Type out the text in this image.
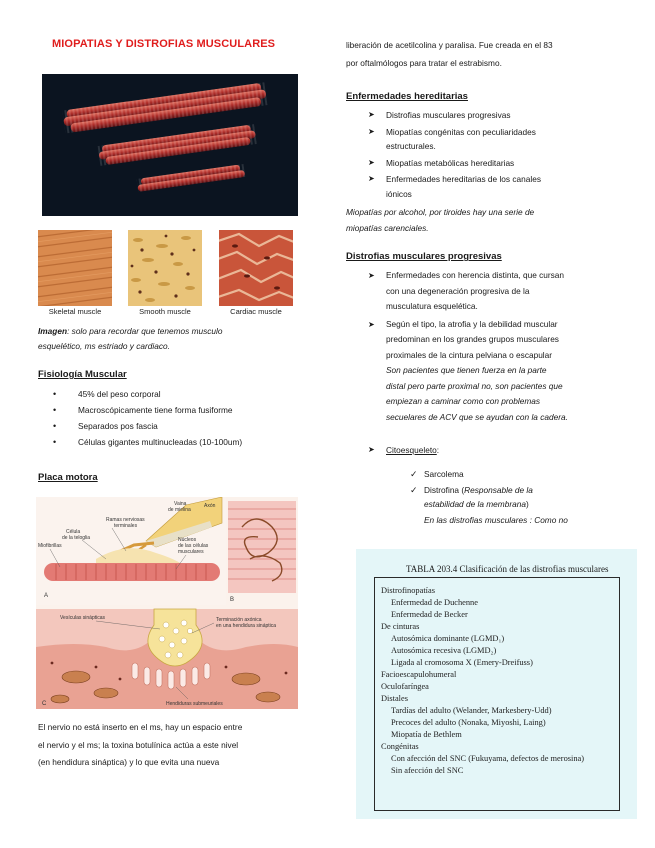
MIOPATIAS Y DISTROFIAS MUSCULARES
Skeletal muscle	Smooth muscle	Cardiac muscle
Imagen: solo para recordar que tenemos musculo
esquelético, ms estriado y cardiaco.
Fisiología Muscular
• 45% del peso corporal
• Macroscópicamente tiene forma fusiforme
• Separados pos fascia
• Células gigantes multinucleadas (10-100um)
Placa motora
Vaina
de mielina
Axón
Ramas nerviosas
terminales
Célula
de la teloglia
Miofibrillas
Núcleos
de las células
musculares
A
B
Vesículas sinápticas	Terminación axónica
en una hendidura sináptica
Hendiduras submeuriales
C
El nervio no está inserto en el ms, hay un espacio entre
el nervio y el ms; la toxina botulínica actúa a este nivel
(en hendidura sináptica) y lo que evita una nueva
liberación de acetilcolina y paralisa. Fue creada en el 83
por oftalmólogos para tratar el estrabismo.
Enfermedades hereditarias
➤ Distrofias musculares progresivas
➤ Miopatías congénitas con peculiaridades
estructurales.
➤ Miopatías metabólicas hereditarias
➤ Enfermedades hereditarias de los canales
iónicos
Miopatías por alcohol, por tiroides hay una serie de
miopatías carenciales.
Distrofias musculares progresivas
➤ Enfermedades con herencia distinta, que cursan
con una degeneración progresiva de la
musculatura esquelética.
➤ Según el tipo, la atrofia y la debilidad muscular
predominan en los grandes grupos musculares
proximales de la cintura pelviana o escapular
Son pacientes que tienen fuerza en la parte
distal pero parte proximal no, son pacientes que
empiezan a caminar como con problemas
secuelares de ACV que se ayudan con la cadera.
➤ Citoesqueleto:
✓ Sarcolema
✓ Distrofina (Responsable de la
estabilidad de la membrana)
En las distrofias musculares : Como no
TABLA 203.4 Clasificación de las distrofias musculares
Distrofinopatías
Enfermedad de Duchenne
Enfermedad de Becker
De cinturas
Autosómica dominante (LGMD₁)
Autosómica recesiva (LGMD₂)
Ligada al cromosoma X (Emery-Dreifuss)
Facioescapulohumeral
Oculofaríngea
Distales
Tardías del adulto (Welander, Markesbery-Udd)
Precoces del adulto (Nonaka, Miyoshi, Laing)
Miopatía de Bethlem
Congénitas
Con afección del SNC (Fukuyama, defectos de merosina)
Sin afección del SNC
